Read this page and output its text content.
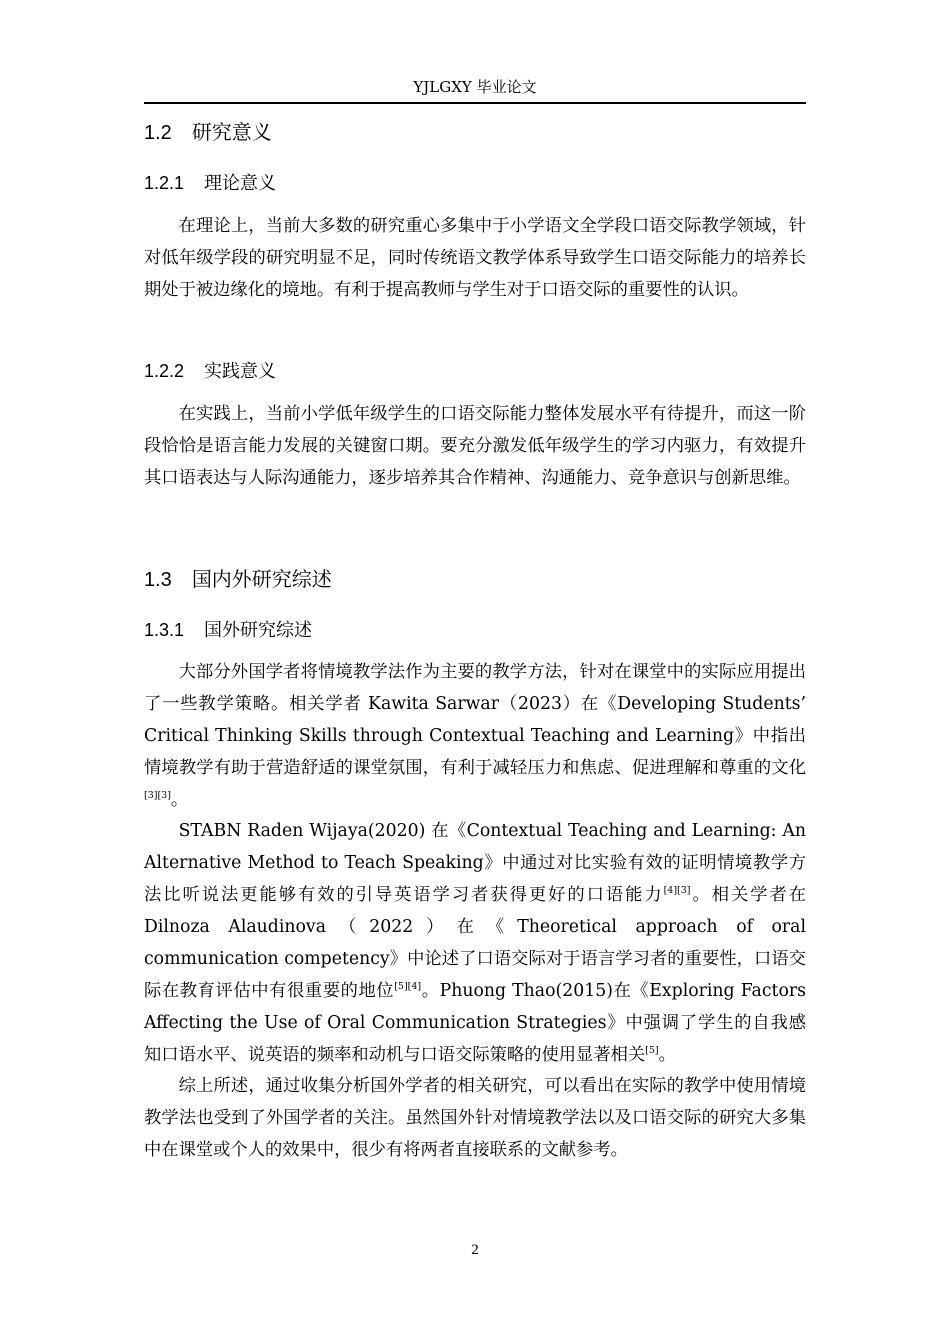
YJLGXY 毕业论文
1.2 研究意义
1.2.1 理论意义

在理论上，当前大多数的研究重心多集中于小学语文全学段口语交际教学领域，针对低年级学段的研究明显不足，同时传统语文教学体系导致学生口语交际能力的培养长期处于被边缘化的境地。有利于提高教师与学生对于口语交际的重要性的认识。

1.2.2 实践意义

在实践上，当前小学低年级学生的口语交际能力整体发展水平有待提升，而这一阶段恰恰是语言能力发展的关键窗口期。要充分激发低年级学生的学习内驱力，有效提升其口语表达与人际沟通能力，逐步培养其合作精神、沟通能力、竞争意识与创新思维。

1.3 国内外研究综述
1.3.1 国外研究综述

大部分外国学者将情境教学法作为主要的教学方法，针对在课堂中的实际应用提出了一些教学策略。相关学者 Kawita Sarwar（2023）在《Developing Students’ Critical Thinking Skills through Contextual Teaching and Learning》中指出情境教学有助于营造舒适的课堂氛围，有利于减轻压力和焦虑、促进理解和尊重的文化[3][3]。

STABN Raden Wijaya(2020) 在《Contextual Teaching and Learning: An Alternative Method to Teach Speaking》中通过对比实验有效的证明情境教学方法比听说法更能够有效的引导英语学习者获得更好的口语能力[4][3]。相关学者在 Dilnoza Alaudinova（2022）在《Theoretical approach of oral communication competency》中论述了口语交际对于语言学习者的重要性，口语交际在教育评估中有很重要的地位[5][4]。Phuong Thao(2015)在《Exploring Factors Affecting the Use of Oral Communication Strategies》中强调了学生的自我感知口语水平、说英语的频率和动机与口语交际策略的使用显著相关[5]。

综上所述，通过收集分析国外学者的相关研究，可以看出在实际的教学中使用情境教学法也受到了外国学者的关注。虽然国外针对情境教学法以及口语交际的研究大多集中在课堂或个人的效果中，很少有将两者直接联系的文献参考。

2
